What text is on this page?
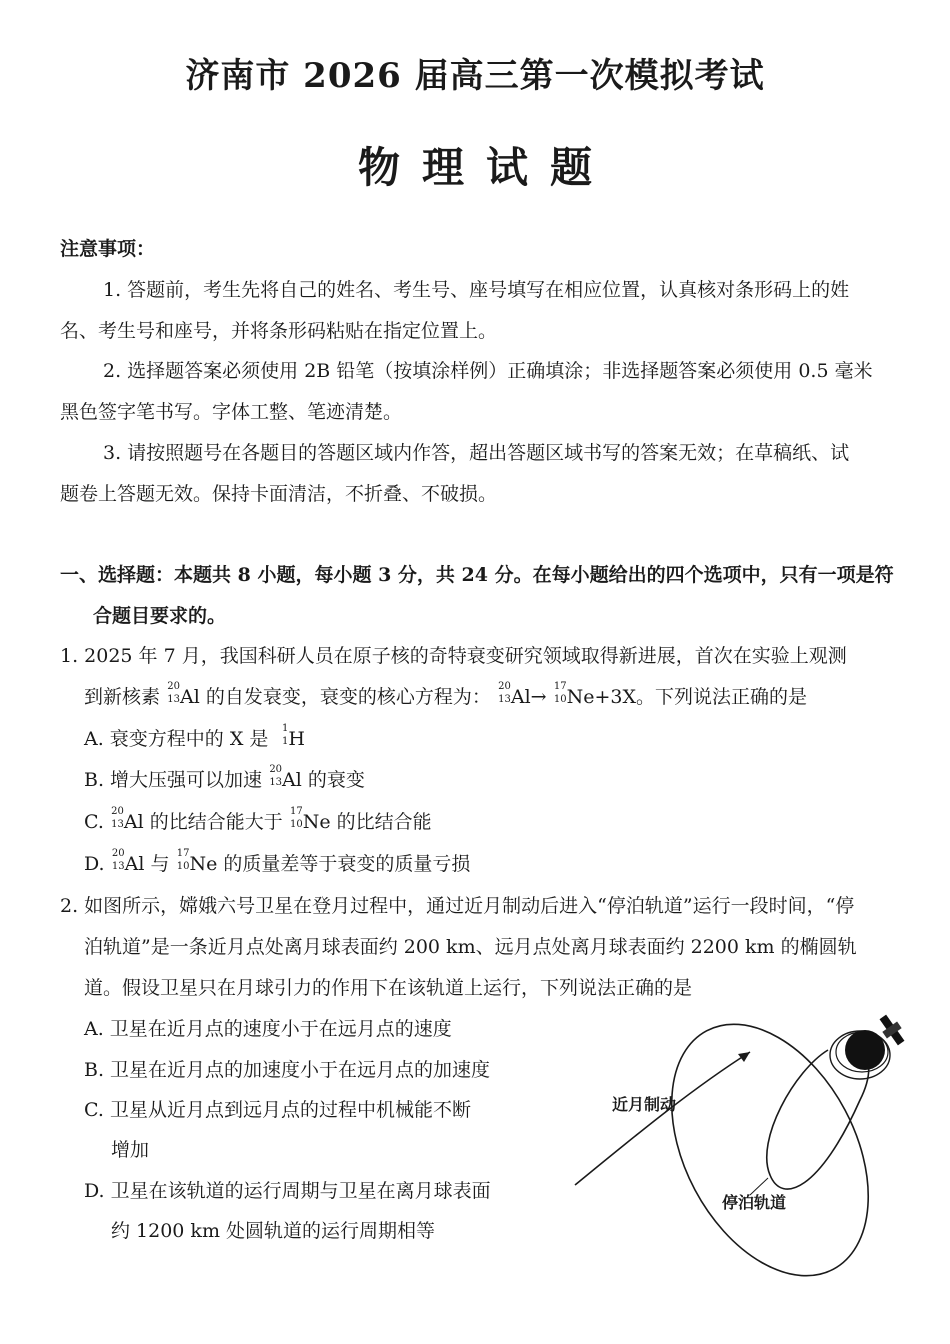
济南市 2026 届高三第一次模拟考试
物理试题
注意事项：
1. 答题前，考生先将自己的姓名、考生号、座号填写在相应位置，认真核对条形码上的姓
名、考生号和座号，并将条形码粘贴在指定位置上。
2. 选择题答案必须使用 2B 铅笔（按填涂样例）正确填涂；非选择题答案必须使用 0.5 毫米
黑色签字笔书写。字体工整、笔迹清楚。
3. 请按照题号在各题目的答题区域内作答，超出答题区域书写的答案无效；在草稿纸、试
题卷上答题无效。保持卡面清洁，不折叠、不破损。
一、选择题：本题共 8 小题，每小题 3 分，共 24 分。在每小题给出的四个选项中，只有一项是符
合题目要求的。
1. 2025 年 7 月，我国科研人员在原子核的奇特衰变研究领域取得新进展，首次在实验上观测
到新核素 20
13 Al 的自发衰变，衰变的核心方程为： 20
13 Al→ 17
10 Ne+3X。下列说法正确的是
A. 衰变方程中的 X 是 1
1 H
B. 增大压强可以加速 20
13 Al 的衰变
C. 20
13 Al 的比结合能大于 17
10 Ne 的比结合能
D. 20
13 Al 与 17
10 Ne 的质量差等于衰变的质量亏损
2. 如图所示，嫦娥六号卫星在登月过程中，通过近月制动后进入“停泊轨道”运行一段时间，“停
泊轨道”是一条近月点处离月球表面约 200 km、远月点处离月球表面约 2200 km 的椭圆轨
道。假设卫星只在月球引力的作用下在该轨道上运行，下列说法正确的是
A. 卫星在近月点的速度小于在远月点的速度
B. 卫星在近月点的加速度小于在远月点的加速度
C. 卫星从近月点到远月点的过程中机械能不断
增加
D. 卫星在该轨道的运行周期与卫星在离月球表面
约 1200 km 处圆轨道的运行周期相等
近月制动
停泊轨道
